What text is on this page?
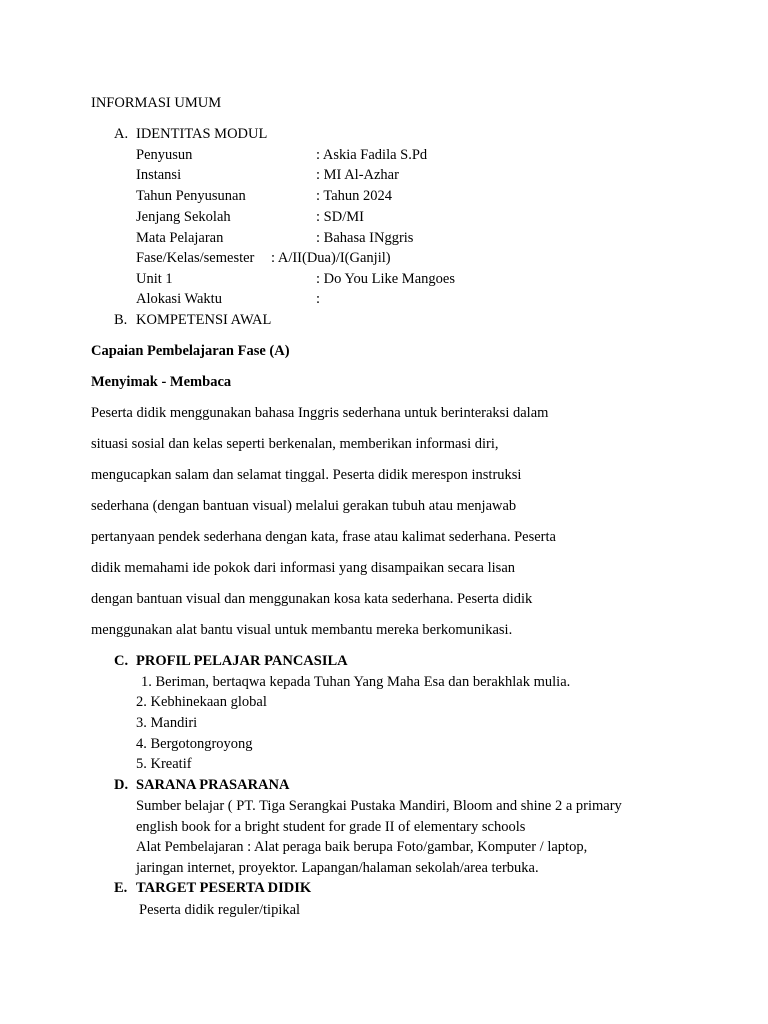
INFORMASI UMUM
A. IDENTITAS MODUL
Penyusun	: Askia Fadila S.Pd
Instansi	: MI Al-Azhar
Tahun Penyusunan	: Tahun 2024
Jenjang Sekolah	: SD/MI
Mata Pelajaran	: Bahasa INggris
Fase/Kelas/semester : A/II(Dua)/I(Ganjil)
Unit 1	: Do You Like Mangoes
Alokasi Waktu	:
B. KOMPETENSI AWAL
Capaian Pembelajaran Fase (A)
Menyimak - Membaca
Peserta didik menggunakan bahasa Inggris sederhana untuk berinteraksi dalam
situasi sosial dan kelas seperti berkenalan, memberikan informasi diri,
mengucapkan salam dan selamat tinggal. Peserta didik merespon instruksi
sederhana (dengan bantuan visual) melalui gerakan tubuh atau menjawab
pertanyaan pendek sederhana dengan kata, frase atau kalimat sederhana. Peserta
didik memahami ide pokok dari informasi yang disampaikan secara lisan
dengan bantuan visual dan menggunakan kosa kata sederhana. Peserta didik
menggunakan alat bantu visual untuk membantu mereka berkomunikasi.
C. PROFIL PELAJAR PANCASILA
1. Beriman, bertaqwa kepada Tuhan Yang Maha Esa dan berakhlak mulia.
2. Kebhinekaan global
3. Mandiri
4. Bergotongroyong
5. Kreatif
D. SARANA PRASARANA
Sumber belajar ( PT. Tiga Serangkai Pustaka Mandiri, Bloom and shine 2 a primary
english book for a bright student for grade II of elementary schools
Alat Pembelajaran : Alat peraga baik berupa Foto/gambar, Komputer / laptop,
jaringan internet, proyektor. Lapangan/halaman sekolah/area terbuka.
E. TARGET PESERTA DIDIK
Peserta didik reguler/tipikal
